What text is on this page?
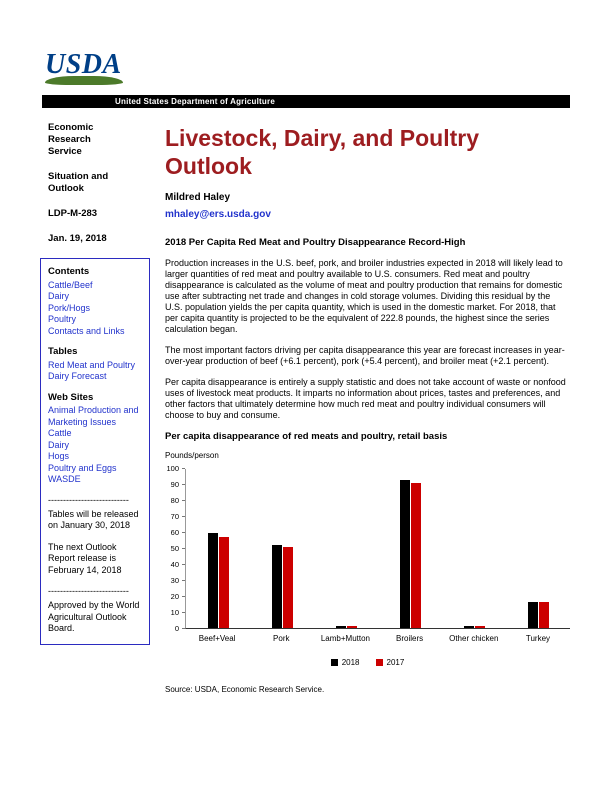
USDA
United States Department of Agriculture
Economic Research Service
Situation and Outlook
LDP-M-283
Jan. 19, 2018
Contents
Cattle/Beef
Dairy
Pork/Hogs
Poultry
Contacts and Links
Tables
Red Meat and Poultry
Dairy Forecast
Web Sites
Animal Production and Marketing Issues
Cattle
Dairy
Hogs
Poultry and Eggs
WASDE
---------------------------
Tables will be released on January 30, 2018
The next Outlook Report release is February 14, 2018
---------------------------
Approved by the World Agricultural Outlook Board.
Livestock, Dairy, and Poultry Outlook
Mildred Haley
mhaley@ers.usda.gov
2018 Per Capita Red Meat and Poultry Disappearance Record-High
Production increases in the U.S. beef, pork, and broiler industries expected in 2018 will likely lead to larger quantities of red meat and poultry available to U.S. consumers. Red meat and poultry disappearance is calculated as the volume of meat and poultry production that remains for domestic use after subtracting net trade and changes in cold storage volumes. Dividing this residual by the U.S. population yields the per capita quantity, which is used in the domestic market. For 2018, that per capita quantity is projected to be the equivalent of 222.8 pounds, the highest since the series calculation began.
The most important factors driving per capita disappearance this year are forecast increases in year-over-year production of beef (+6.1 percent), pork (+5.4 percent), and broiler meat (+2.1 percent).
Per capita disappearance is entirely a supply statistic and does not take account of waste or nonfood uses of livestock meat products. It imparts no information about prices, tastes and preferences, and other factors that ultimately determine how much red meat and poultry individual consumers will choose to buy and consume.
Per capita disappearance of red meats and poultry, retail basis
Pounds/person
0
10
20
30
40
50
60
70
80
90
100
Beef+Veal	Pork	Lamb+Mutton	Broilers	Other chicken	Turkey
2018	2017
Source: USDA, Economic Research Service.
